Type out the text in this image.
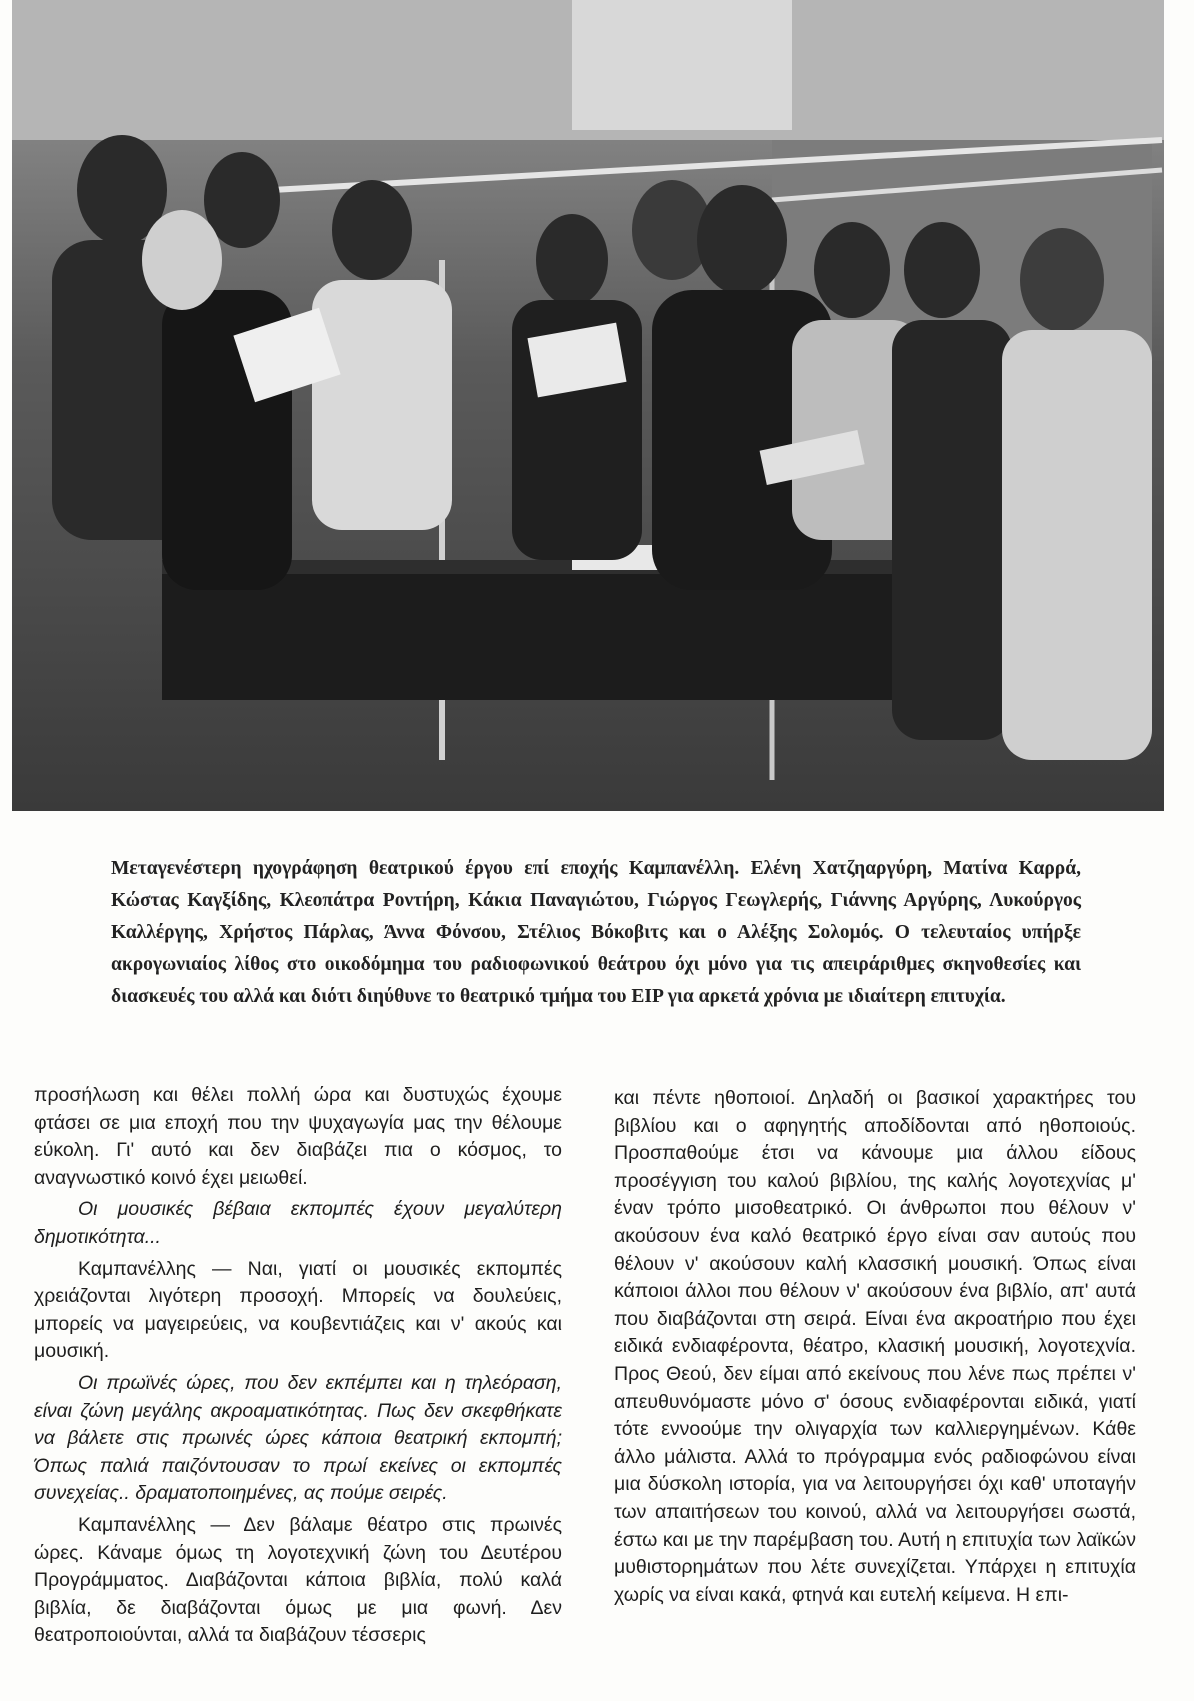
Μεταγενέστερη ηχογράφηση θεατρικού έργου επί εποχής Καμπανέλλη. Ελένη Χατζηαργύρη, Ματίνα Καρρά, Κώστας Καγξίδης, Κλεοπάτρα Ροντήρη, Κάκια Παναγιώτου, Γιώργος Γεωγλερής, Γιάννης Αργύρης, Λυκούργος Καλλέργης, Χρήστος Πάρλας, Άννα Φόνσου, Στέλιος Βόκοβιτς και ο Αλέξης Σολομός. Ο τελευταίος υπήρξε ακρογωνιαίος λίθος στο οικοδόμημα του ραδιοφωνικού θεάτρου όχι μόνο για τις απειράριθμες σκηνοθεσίες και διασκευές του αλλά και διότι διηύθυνε το θεατρικό τμήμα του ΕΙΡ για αρκετά χρόνια με ιδιαίτερη επιτυχία.

προσήλωση και θέλει πολλή ώρα και δυστυχώς έχουμε φτάσει σε μια εποχή που την ψυχαγωγία μας την θέλουμε εύκολη. Γι' αυτό και δεν διαβάζει πια ο κόσμος, το αναγνωστικό κοινό έχει μειωθεί.

Οι μουσικές βέβαια εκπομπές έχουν μεγαλύτερη δημοτικότητα...

Καμπανέλλης — Ναι, γιατί οι μουσικές εκπομπές χρειάζονται λιγότερη προσοχή. Μπορείς να δουλεύεις, μπορείς να μαγειρεύεις, να κουβεντιάζεις και ν' ακούς και μουσική.

Οι πρωϊνές ώρες, που δεν εκπέμπει και η τηλεόραση, είναι ζώνη μεγάλης ακροαματικότητας. Πως δεν σκεφθήκατε να βάλετε στις πρωινές ώρες κάποια θεατρική εκπομπή; Όπως παλιά παιζόντουσαν το πρωί εκείνες οι εκπομπές συνεχείας.. δραματοποιημένες, ας πούμε σειρές.

Καμπανέλλης — Δεν βάλαμε θέατρο στις πρωινές ώρες. Κάναμε όμως τη λογοτεχνική ζώνη του Δευτέρου Προγράμματος. Διαβάζονται κάποια βιβλία, πολύ καλά βιβλία, δε διαβάζονται όμως με μια φωνή. Δεν θεατροποιούνται, αλλά τα διαβάζουν τέσσερις

και πέντε ηθοποιοί. Δηλαδή οι βασικοί χαρακτήρες του βιβλίου και ο αφηγητής αποδίδονται από ηθοποιούς. Προσπαθούμε έτσι να κάνουμε μια άλλου είδους προσέγγιση του καλού βιβλίου, της καλής λογοτεχνίας μ' έναν τρόπο μισοθεατρικό. Οι άνθρωποι που θέλουν ν' ακούσουν ένα καλό θεατρικό έργο είναι σαν αυτούς που θέλουν ν' ακούσουν καλή κλασσική μουσική. Όπως είναι κάποιοι άλλοι που θέλουν ν' ακούσουν ένα βιβλίο, απ' αυτά που διαβάζονται στη σειρά. Είναι ένα ακροατήριο που έχει ειδικά ενδιαφέροντα, θέατρο, κλασική μουσική, λογοτεχνία. Προς Θεού, δεν είμαι από εκείνους που λένε πως πρέπει ν' απευθυνόμαστε μόνο σ' όσους ενδιαφέρονται ειδικά, γιατί τότε εννοούμε την ολιγαρχία των καλλιεργημένων. Κάθε άλλο μάλιστα. Αλλά το πρόγραμμα ενός ραδιοφώνου είναι μια δύσκολη ιστορία, για να λειτουργήσει όχι καθ' υποταγήν των απαιτήσεων του κοινού, αλλά να λειτουργήσει σωστά, έστω και με την παρέμβαση του. Αυτή η επιτυχία των λαϊκών μυθιστορημάτων που λέτε συνεχίζεται. Υπάρχει η επιτυχία χωρίς να είναι κακά, φτηνά και ευτελή κείμενα. Η επι-
